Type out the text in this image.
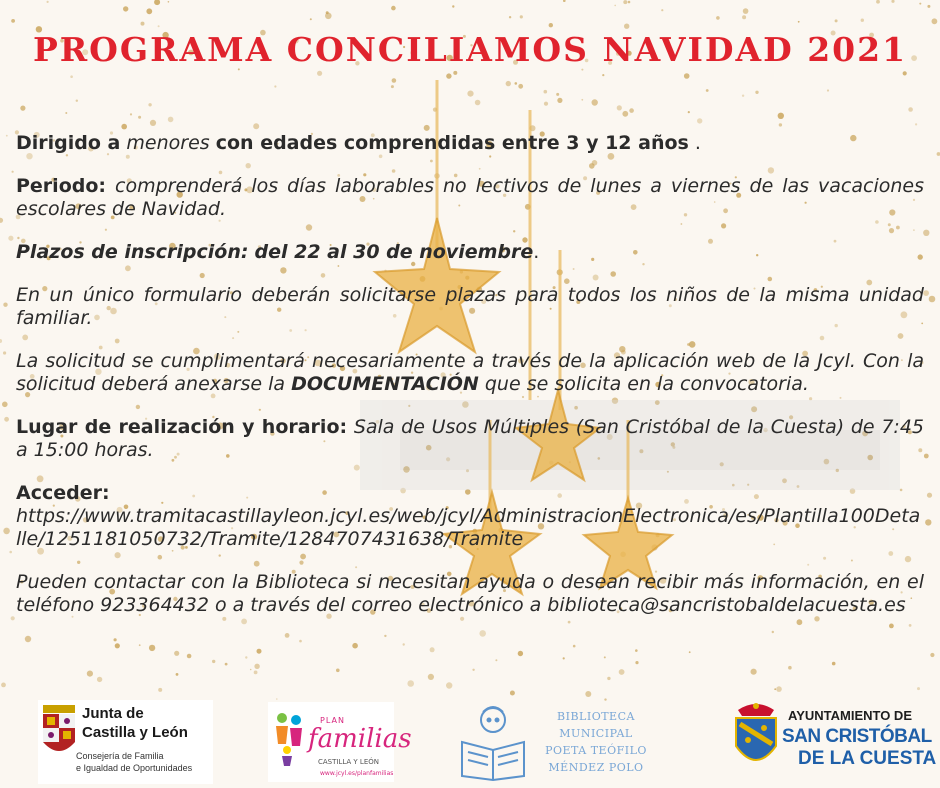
PROGRAMA CONCILIAMOS NAVIDAD 2021

Dirigido a menores con edades comprendidas entre 3 y 12 años .

Periodo: comprenderá los días laborables no lectivos de lunes a viernes de las vacaciones escolares de Navidad.

Plazos de inscripción: del 22 al 30 de noviembre.

En un único formulario deberán solicitarse plazas para todos los niños de la misma unidad familiar.

La solicitud se cumplimentará necesariamente a través de la aplicación web de la Jcyl. Con la solicitud deberá anexarse la DOCUMENTACIÓN que se solicita en la convocatoria.

Lugar de realización y horario: Sala de Usos Múltiples (San Cristóbal de la Cuesta) de 7:45 a 15:00 horas.

Acceder:
https://www.tramitacastillayleon.jcyl.es/web/jcyl/AdministracionElectronica/es/Plantilla100Detalle/1251181050732/Tramite/1284707431638/Tramite

Pueden contactar con la Biblioteca si necesitan ayuda o desean recibir más información, en el teléfono 923364432 o a través del correo electrónico a biblioteca@sancristobaldelacuesta.es

Junta de
Castilla y León
Consejería de Familia
e Igualdad de Oportunidades
PLAN
familias
CASTILLA Y LEÓN
www.jcyl.es/planfamilias
BIBLIOTECA
MUNICIPAL
POETA TEÓFILO
MÉNDEZ POLO
AYUNTAMIENTO DE
SAN CRISTÓBAL
DE LA CUESTA
